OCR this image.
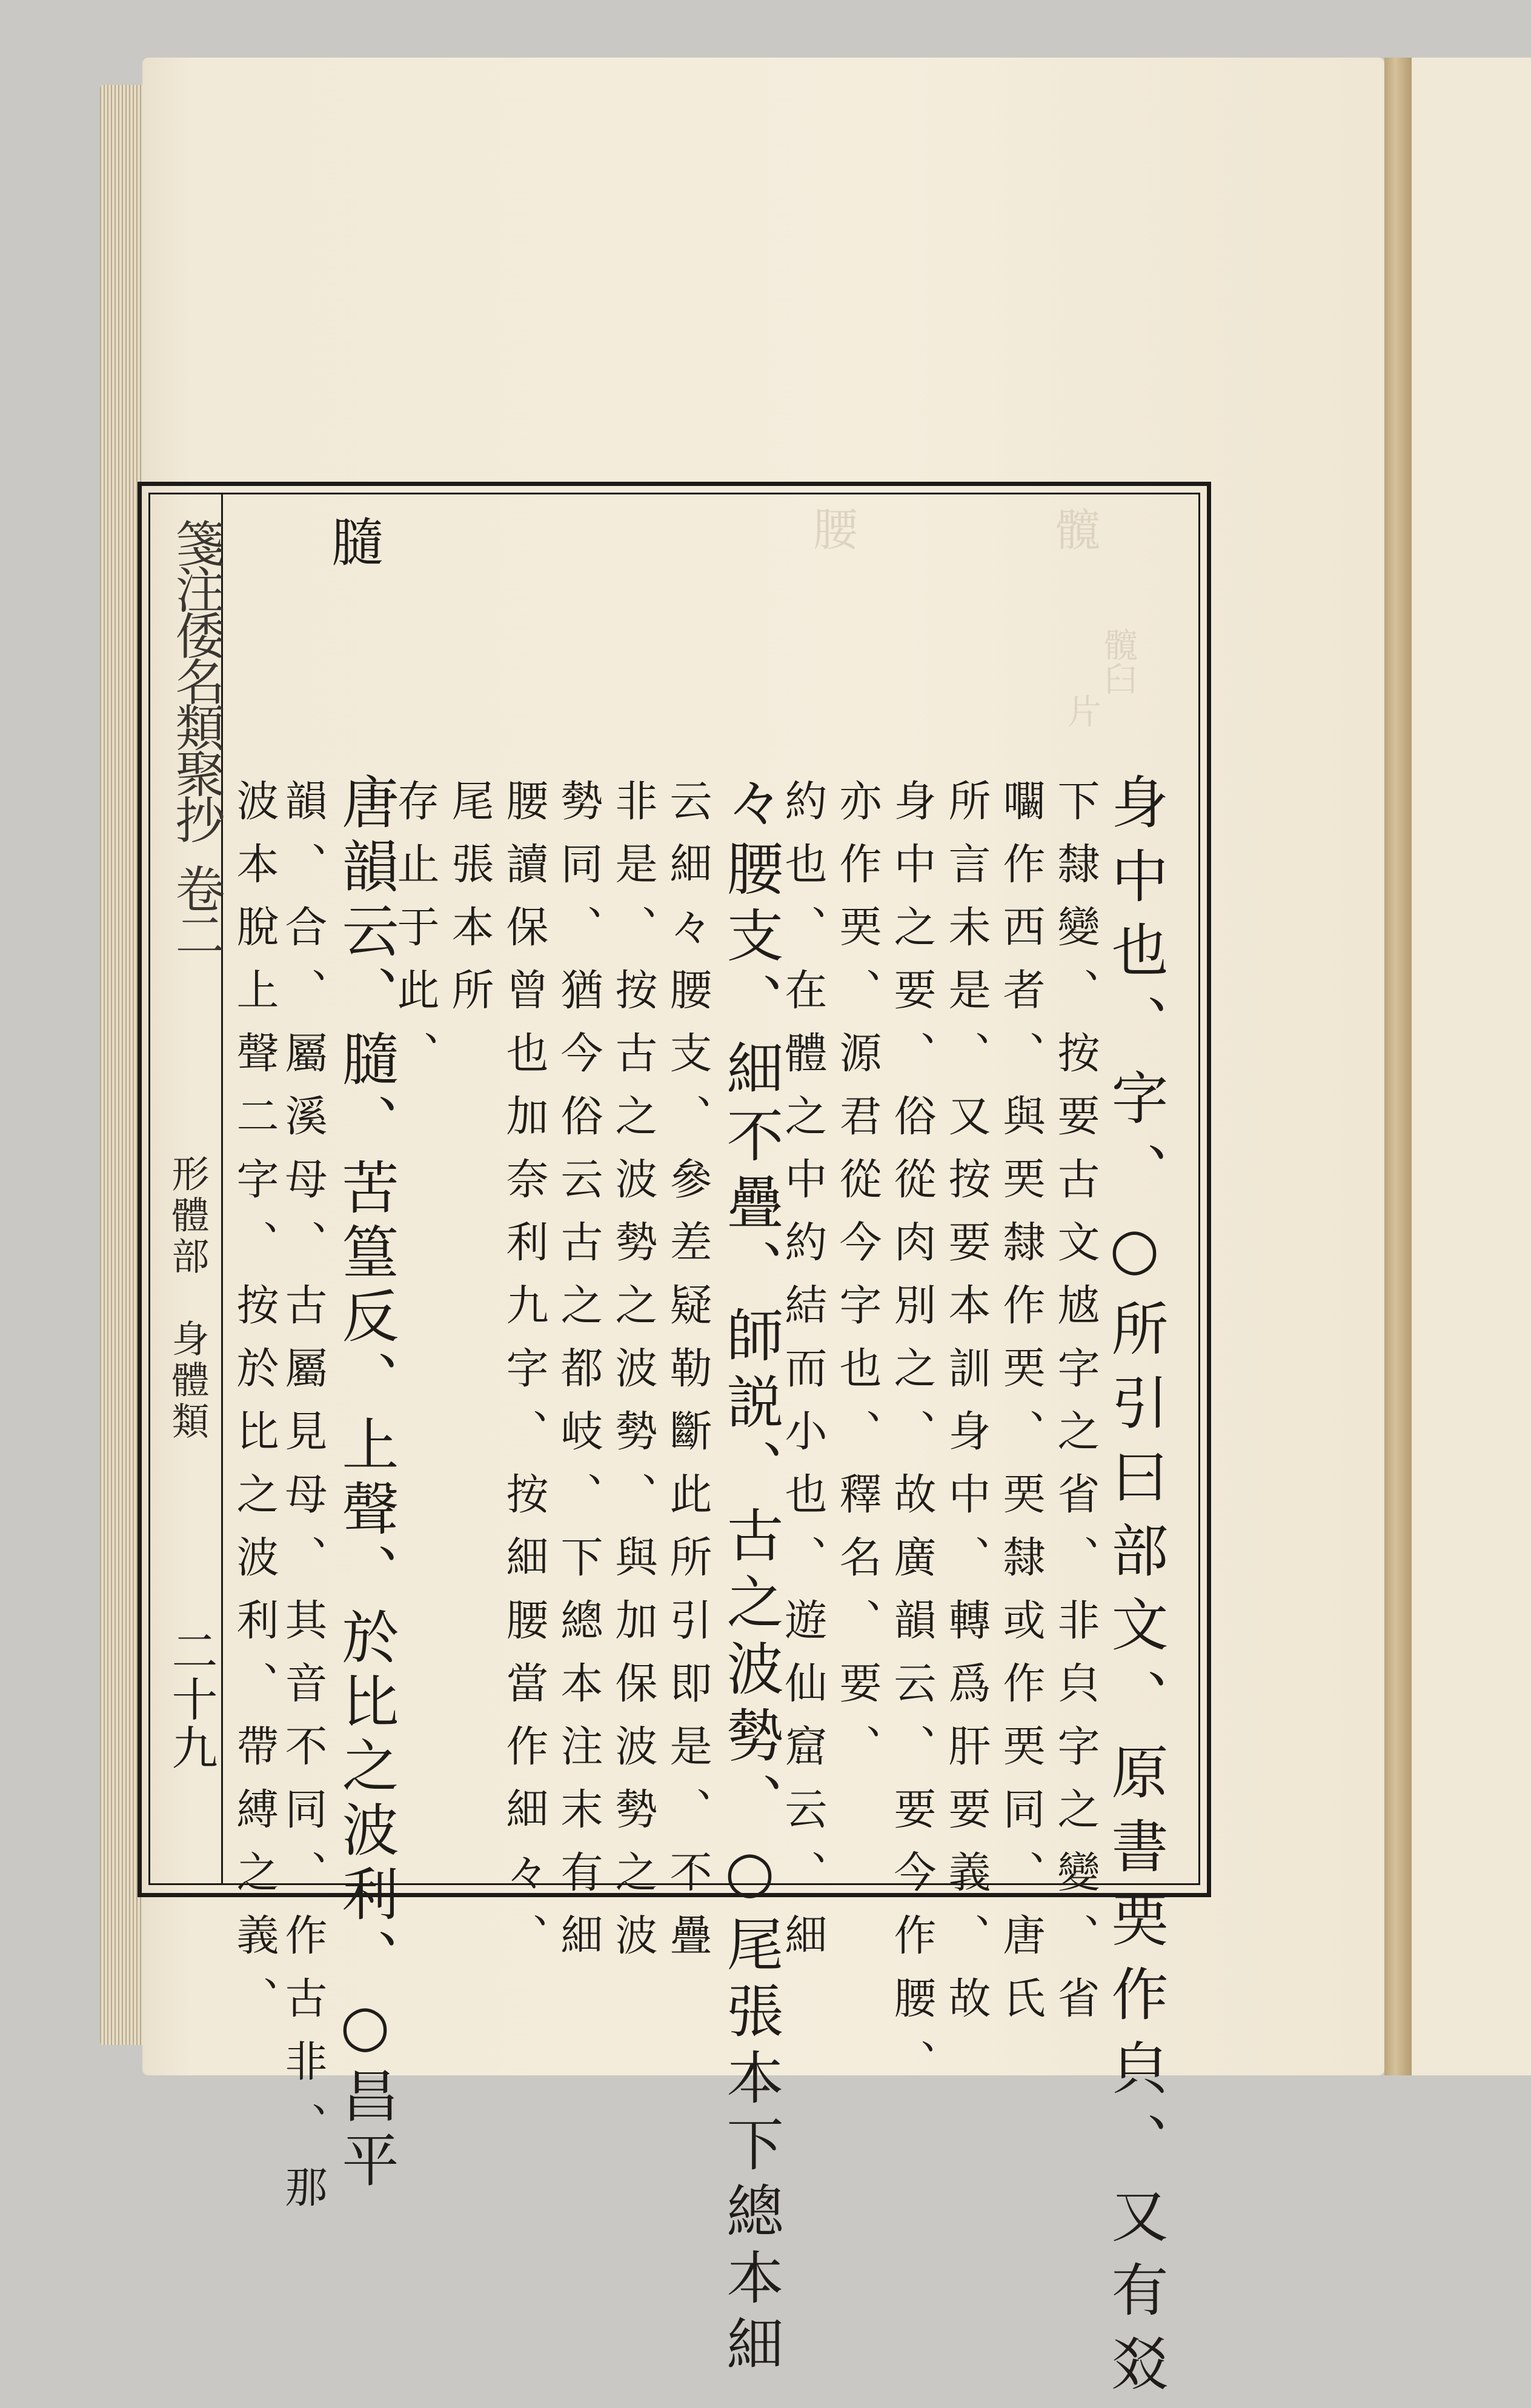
髖
腰
髖臼
片
箋注倭名類聚抄
卷二
形體部　身體類
二十九
膸
身中也、字、○所引曰部文、原書䙲作㒵、又有㸚
下隸變、按要古文㝿字之省、非㒵字之變、省
㘚作西者、與䙲隸作䙲、䙲隸或作䙲同、唐氏
所言未是、又按要本訓身中、轉爲肝要義、故
身中之要、俗從肉別之、故廣韻云、要今作腰、
亦作䙲、源君從今字也、釋名、要、
約也、在體之中約結而小也、遊仙窟云、細
々腰支、細不疊、師説、古之波勢、○尾張本下總本細
云細々腰支、參差疑勒斷此所引即是、不疊
非是、按古之波勢之波勢、與加保波勢之波
勢同、猶今俗云古之都岐、下總本注末有細
腰讀保曾也加奈利九字、按細腰當作細々、
尾張本所
存止于此、
唐韻云、膸、苦篁反、上聲、於比之波利、○昌平
韻、合、屬溪母、古屬見母、其音不同、作古非、那
波本脫上聲二字、按於比之波利、帶縛之義、
